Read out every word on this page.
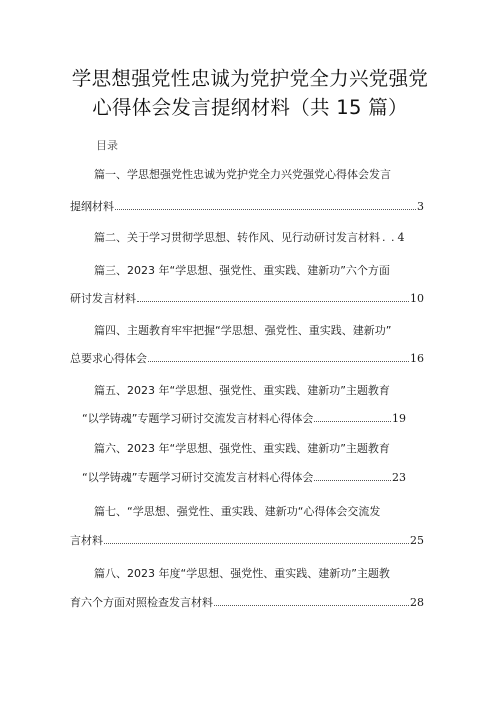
学思想强党性忠诚为党护党全力兴党强党
心得体会发言提纲材料（共 15 篇）
目录
篇一、学思想强党性忠诚为党护党全力兴党强党心得体会发言
提纲材料	3
篇二、关于学习贯彻学思想、转作风、见行动研讨发言材料 . . 4
篇三、2023 年“学思想、强党性、重实践、建新功”六个方面
研讨发言材料	10
篇四、主题教育牢牢把握“学思想、强党性、重实践、建新功”
总要求心得体会	16
篇五、2023 年“学思想、强党性、重实践、建新功”主题教育
“以学铸魂”专题学习研讨交流发言材料心得体会	19
篇六、2023 年“学思想、强党性、重实践、建新功”主题教育
“以学铸魂”专题学习研讨交流发言材料心得体会	23
篇七、“学思想、强党性、重实践、建新功“心得体会交流发
言材料	25
篇八、2023 年度“学思想、强党性、重实践、建新功”主题教
育六个方面对照检查发言材料	28
